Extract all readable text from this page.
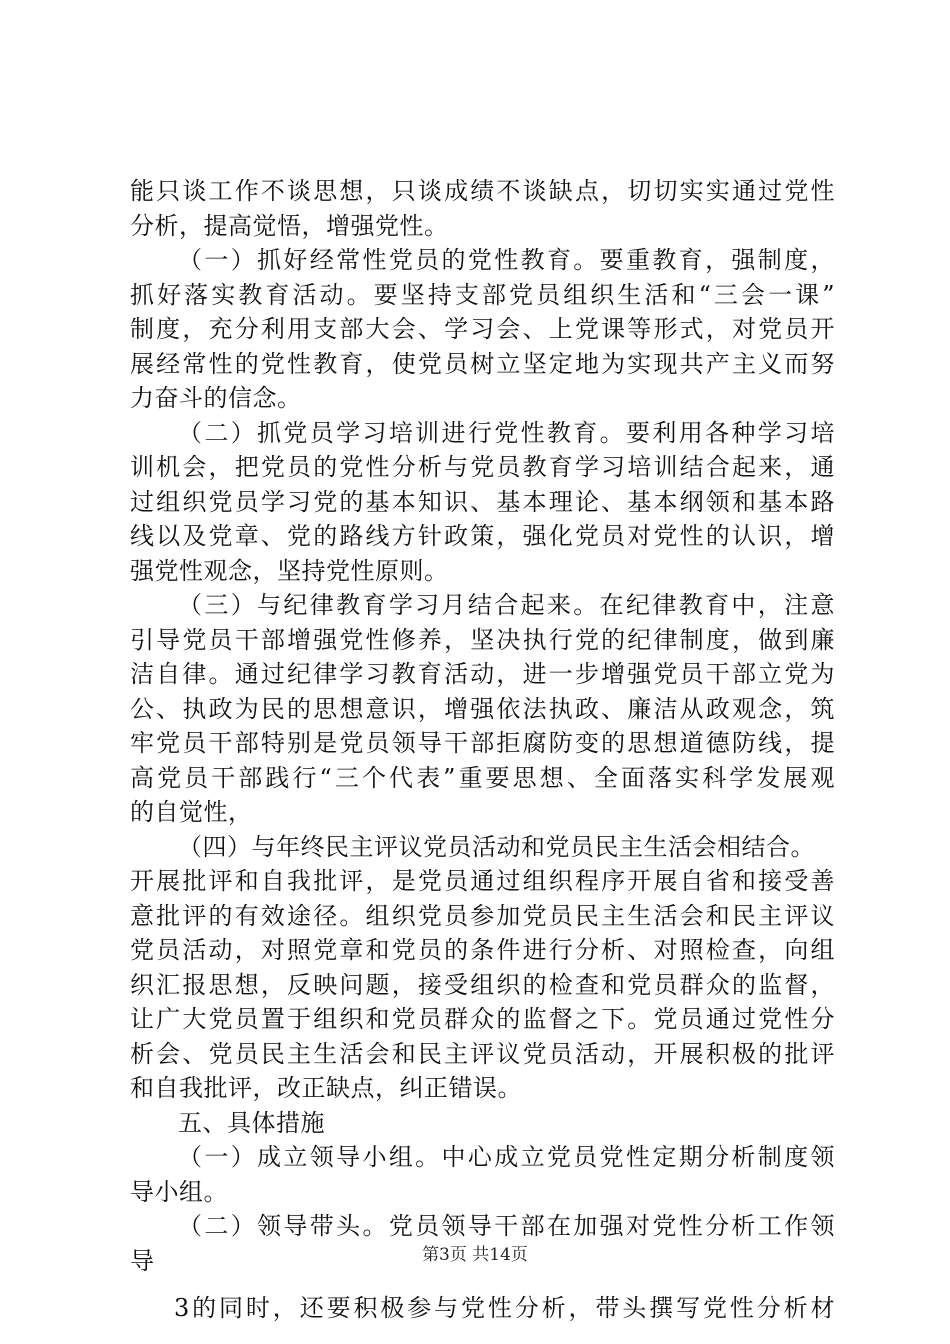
能只谈工作不谈思想，只谈成绩不谈缺点，切切实实通过党性
分析，提高觉悟，增强党性。
（一）抓好经常性党员的党性教育。要重教育，强制度，
抓好落实教育活动。要坚持支部党员组织生活和“三会一课”
制度，充分利用支部大会、学习会、上党课等形式，对党员开
展经常性的党性教育，使党员树立坚定地为实现共产主义而努
力奋斗的信念。
（二）抓党员学习培训进行党性教育。要利用各种学习培
训机会，把党员的党性分析与党员教育学习培训结合起来，通
过组织党员学习党的基本知识、基本理论、基本纲领和基本路
线以及党章、党的路线方针政策，强化党员对党性的认识，增
强党性观念，坚持党性原则。
（三）与纪律教育学习月结合起来。在纪律教育中，注意
引导党员干部增强党性修养，坚决执行党的纪律制度，做到廉
洁自律。通过纪律学习教育活动，进一步增强党员干部立党为
公、执政为民的思想意识，增强依法执政、廉洁从政观念，筑
牢党员干部特别是党员领导干部拒腐防变的思想道德防线，提
高党员干部践行“三个代表”重要思想、全面落实科学发展观
的自觉性，
（四）与年终民主评议党员活动和党员民主生活会相结合。
开展批评和自我批评，是党员通过组织程序开展自省和接受善
意批评的有效途径。组织党员参加党员民主生活会和民主评议
党员活动，对照党章和党员的条件进行分析、对照检查，向组
织汇报思想，反映问题，接受组织的检查和党员群众的监督，
让广大党员置于组织和党员群众的监督之下。党员通过党性分
析会、党员民主生活会和民主评议党员活动，开展积极的批评
和自我批评，改正缺点，纠正错误。
五、具体措施
（一）成立领导小组。中心成立党员党性定期分析制度领
导小组。
（二）领导带头。党员领导干部在加强对党性分析工作领
导
3的同时，还要积极参与党性分析，带头撰写党性分析材
第3页 共14页
